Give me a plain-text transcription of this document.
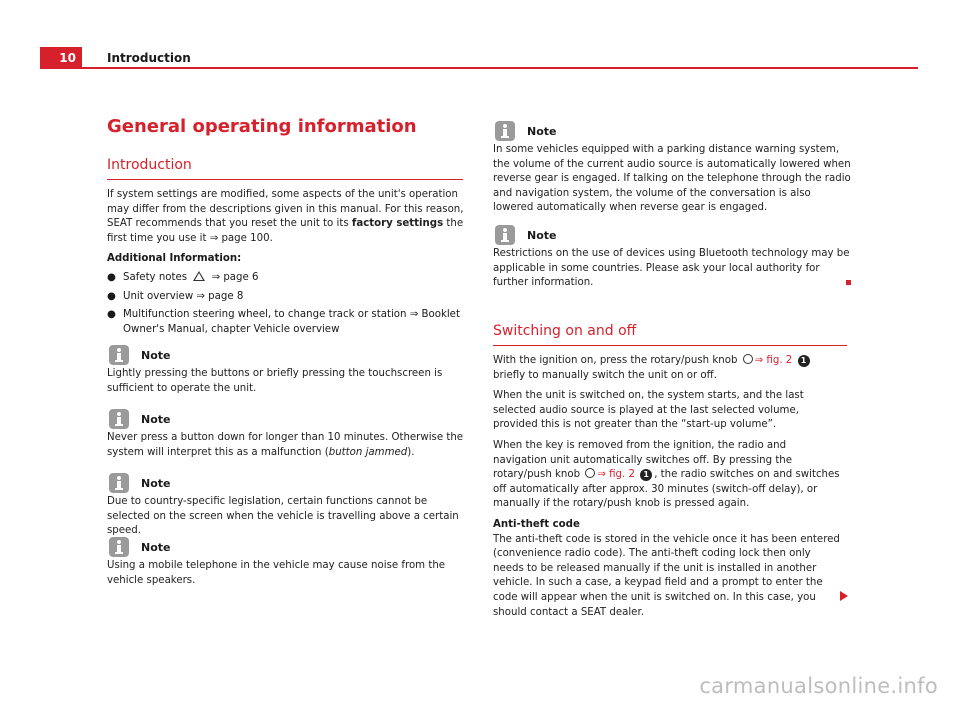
10	Introduction
General operating information
Introduction

If system settings are modified, some aspects of the unit's operation may differ from the descriptions given in this manual. For this reason, SEAT recommends that you reset the unit to its factory settings the first time you use it ⇒ page 100.

Additional Information:
● Safety notes  ⇒ page 6
● Unit overview ⇒ page 8
● Multifunction steering wheel, to change track or station ⇒ Booklet Owner's Manual, chapter Vehicle overview
Note

Lightly pressing the buttons or briefly pressing the touchscreen is sufficient to operate the unit.

Note

Never press a button down for longer than 10 minutes. Otherwise the system will interpret this as a malfunction (button jammed).

Note

Due to country-specific legislation, certain functions cannot be selected on the screen when the vehicle is travelling above a certain speed.

Note

Using a mobile telephone in the vehicle may cause noise from the vehicle speakers.

Note

In some vehicles equipped with a parking distance warning system, the volume of the current audio source is automatically lowered when reverse gear is engaged. If talking on the telephone through the radio and navigation system, the volume of the conversation is also lowered automatically when reverse gear is engaged.

Note

Restrictions on the use of devices using Bluetooth technology may be applicable in some countries. Please ask your local authority for further information.

Switching on and off

With the ignition on, press the rotary/push knob ⇒ fig. 2 1 briefly to manually switch the unit on or off.

When the unit is switched on, the system starts, and the last selected audio source is played at the last selected volume, provided this is not greater than the “start-up volume”.

When the key is removed from the ignition, the radio and navigation unit automatically switches off. By pressing the rotary/push knob ⇒ fig. 2 1 , the radio switches on and switches off automatically after approx. 30 minutes (switch-off delay), or manually if the rotary/push knob is pressed again.

Anti-theft code

The anti-theft code is stored in the vehicle once it has been entered (convenience radio code). The anti-theft coding lock then only needs to be released manually if the unit is installed in another vehicle. In such a case, a keypad field and a prompt to enter the code will appear when the unit is switched on. In this case, you should contact a SEAT dealer.

carmanualsonline.info
